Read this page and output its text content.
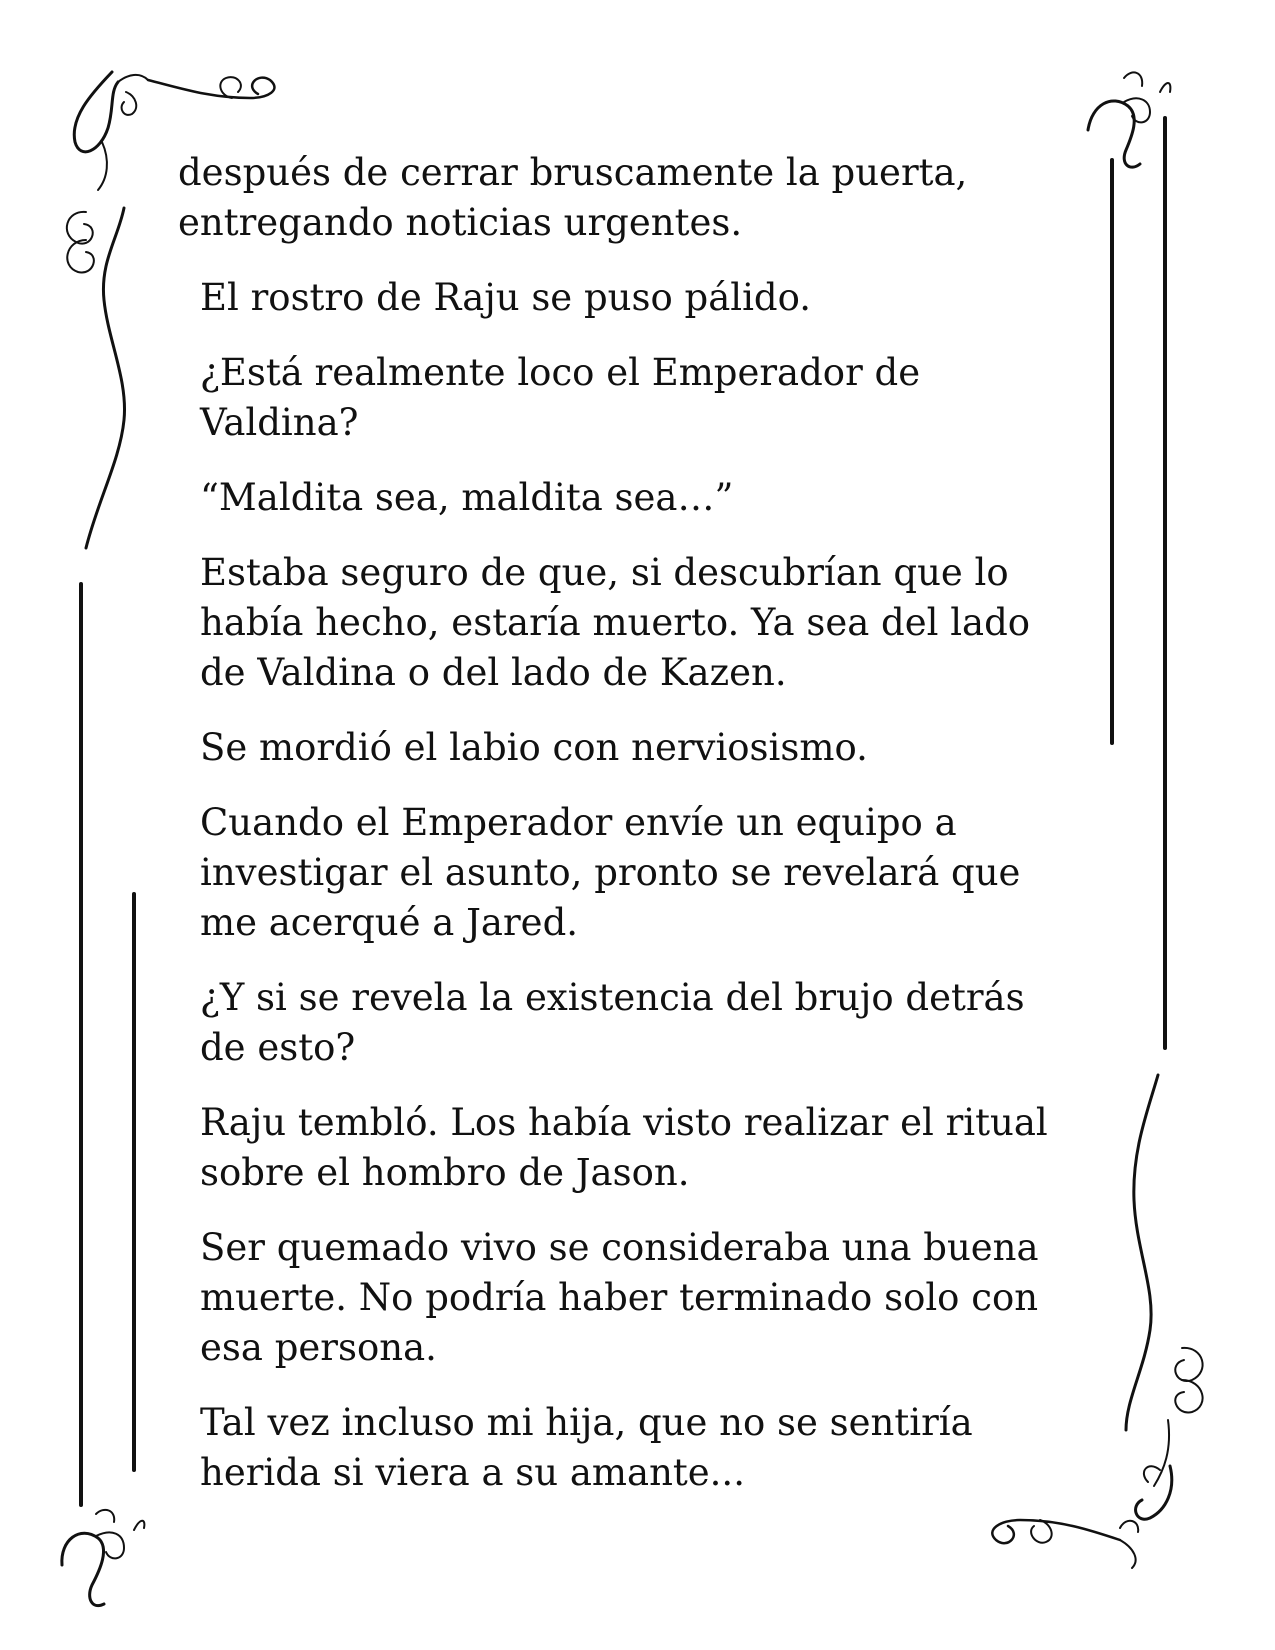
después de cerrar bruscamente la puerta,
entregando noticias urgentes.

El rostro de Raju se puso pálido.

¿Está realmente loco el Emperador de
Valdina?

“Maldita sea, maldita sea…”

Estaba seguro de que, si descubrían que lo
había hecho, estaría muerto. Ya sea del lado
de Valdina o del lado de Kazen.

Se mordió el labio con nerviosismo.

Cuando el Emperador envíe un equipo a
investigar el asunto, pronto se revelará que
me acerqué a Jared.

¿Y si se revela la existencia del brujo detrás
de esto?

Raju tembló. Los había visto realizar el ritual
sobre el hombro de Jason.

Ser quemado vivo se consideraba una buena
muerte. No podría haber terminado solo con
esa persona.

Tal vez incluso mi hija, que no se sentiría
herida si viera a su amante...
